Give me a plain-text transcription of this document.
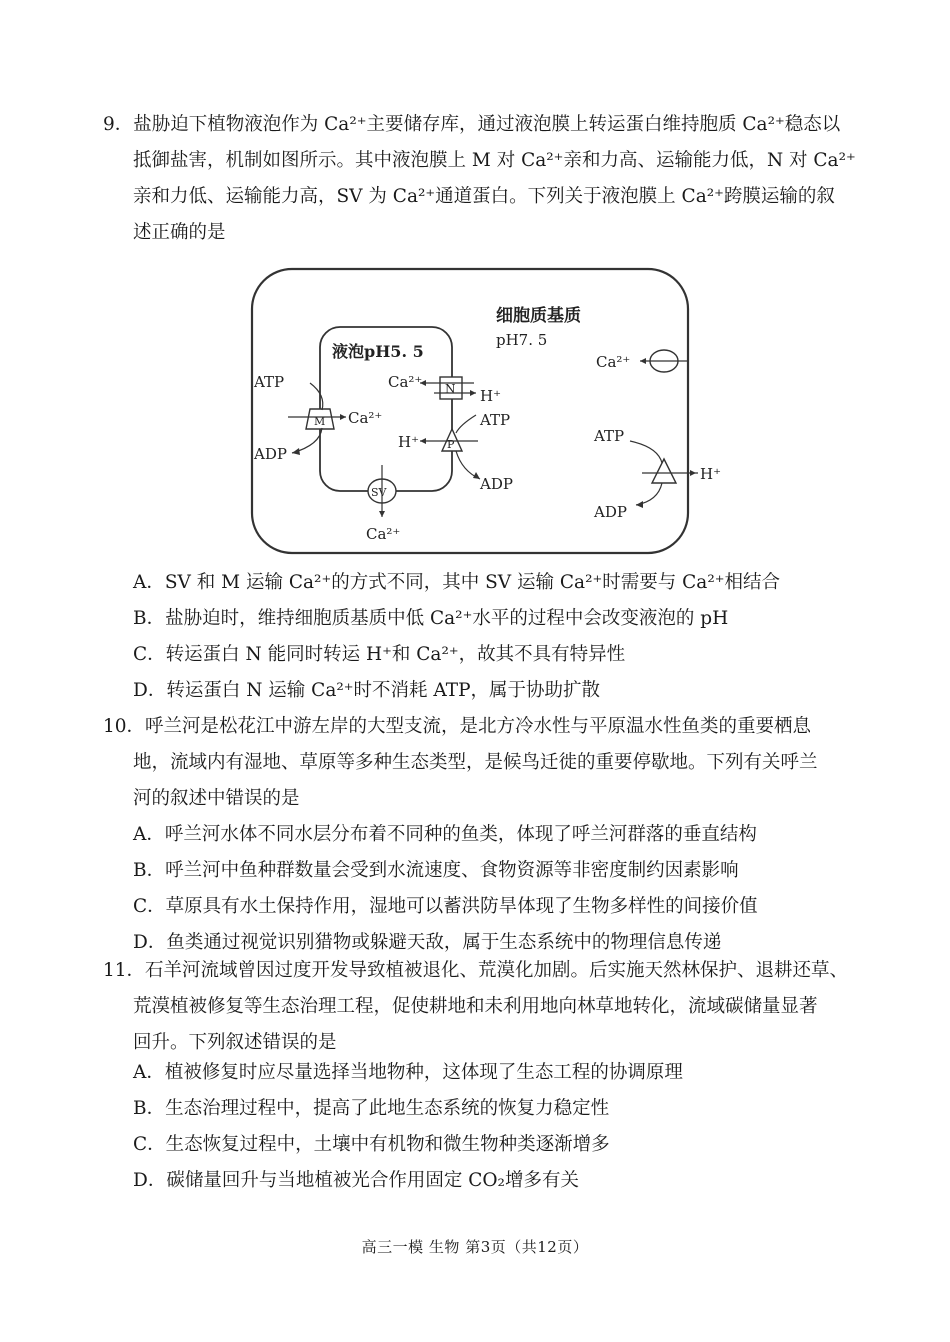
9．盐胁迫下植物液泡作为 Ca²⁺主要储存库，通过液泡膜上转运蛋白维持胞质 Ca²⁺稳态以
抵御盐害，机制如图所示。其中液泡膜上 M 对 Ca²⁺亲和力高、运输能力低，N 对 Ca²⁺
亲和力低、运输能力高，SV 为 Ca²⁺通道蛋白。下列关于液泡膜上 Ca²⁺跨膜运输的叙
述正确的是
细胞质基质
pH7. 5
液泡pH5. 5
M
ATP
ADP
Ca²⁺
N
Ca²⁺
H⁺
P
H⁺
ATP
ADP
SV
Ca²⁺
Ca²⁺
H⁺
ATP
ADP
A．SV 和 M 运输 Ca²⁺的方式不同，其中 SV 运输 Ca²⁺时需要与 Ca²⁺相结合
B．盐胁迫时，维持细胞质基质中低 Ca²⁺水平的过程中会改变液泡的 pH
C．转运蛋白 N 能同时转运 H⁺和 Ca²⁺，故其不具有特异性
D．转运蛋白 N 运输 Ca²⁺时不消耗 ATP，属于协助扩散
10．呼兰河是松花江中游左岸的大型支流，是北方冷水性与平原温水性鱼类的重要栖息
地，流域内有湿地、草原等多种生态类型，是候鸟迁徙的重要停歇地。下列有关呼兰
河的叙述中错误的是
A．呼兰河水体不同水层分布着不同种的鱼类，体现了呼兰河群落的垂直结构
B．呼兰河中鱼种群数量会受到水流速度、食物资源等非密度制约因素影响
C．草原具有水土保持作用，湿地可以蓄洪防旱体现了生物多样性的间接价值
D．鱼类通过视觉识别猎物或躲避天敌，属于生态系统中的物理信息传递
11．石羊河流域曾因过度开发导致植被退化、荒漠化加剧。后实施天然林保护、退耕还草、
荒漠植被修复等生态治理工程，促使耕地和未利用地向林草地转化，流域碳储量显著
回升。下列叙述错误的是
A．植被修复时应尽量选择当地物种，这体现了生态工程的协调原理
B．生态治理过程中，提高了此地生态系统的恢复力稳定性
C．生态恢复过程中，土壤中有机物和微生物种类逐渐增多
D．碳储量回升与当地植被光合作用固定 CO₂增多有关
高三一模 生物 第3页（共12页）
